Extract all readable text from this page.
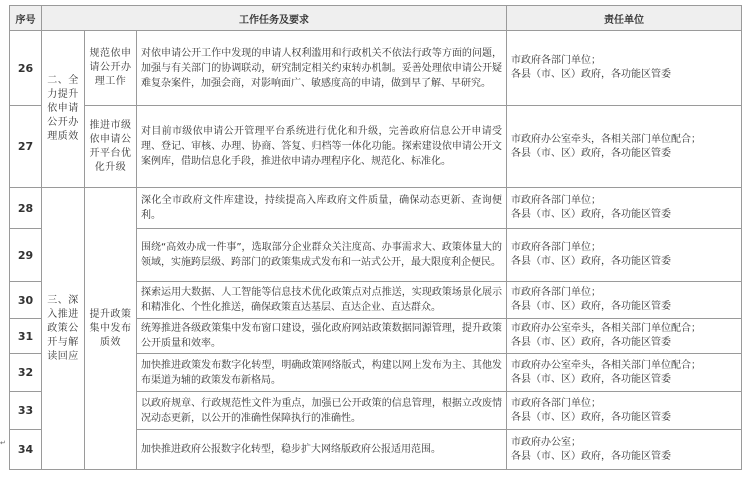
序号	工作任务及要求			责任单位
26	二、全力提升依申请公开办理质效	规范依申请公开办理工作	对依申请公开工作中发现的申请人权利滥用和行政机关不依法行政等方面的问题，加强与有关部门的协调联动，研究制定相关约束转办机制。妥善处理依申请公开疑难复杂案件，加强会商，对影响面广、敏感度高的申请，做到早了解、早研究。	市政府各部门单位；
各县（市、区）政府，各功能区管委

27		推进市级依申请公开平台优化升级	对目前市级依申请公开管理平台系统进行优化和升级，完善政府信息公开申请受理、登记、审核、办理、协商、答复、归档等一体化功能。探索建设依申请公开文案例库，借助信息化手段，推进依申请办理程序化、规范化、标准化。	市政府办公室牵头，各相关部门单位配合；
各县（市、区）政府，各功能区管委

28	三、深入推进政策公开与解读回应	提升政策集中发布质效	深化全市政府文件库建设，持续提高入库政府文件质量，确保动态更新、查询便利。	市政府各部门单位；
各县（市、区）政府，各功能区管委

29			围绕“高效办成一件事”，选取部分企业群众关注度高、办事需求大、政策体量大的领域，实施跨层级、跨部门的政策集成式发布和一站式公开，最大限度利企便民。	市政府各部门单位；
各县（市、区）政府，各功能区管委

30			探索运用大数据、人工智能等信息技术优化政策点对点推送，实现政策场景化展示和精准化、个性化推送，确保政策直达基层、直达企业、直达群众。	市政府各部门单位；
各县（市、区）政府，各功能区管委

31			统筹推进各级政策集中发布窗口建设，强化政府网站政策数据同源管理，提升政策公开质量和效率。	市政府办公室牵头，各相关部门单位配合；
各县（市、区）政府，各功能区管委

32			加快推进政策发布数字化转型，明确政策网络版式，构建以网上发布为主、其他发布渠道为辅的政策发布新格局。	市政府办公室牵头，各相关部门单位配合；
各县（市、区）政府，各功能区管委

33			以政府规章、行政规范性文件为重点，加强已公开政策的信息管理，根据立改废情况动态更新，以公开的准确性保障执行的准确性。	市政府各部门单位；
各县（市、区）政府，各功能区管委

34			加快推进政府公报数字化转型，稳步扩大网络版政府公报适用范围。	市政府办公室；
各县（市、区）政府，各功能区管委
↵
